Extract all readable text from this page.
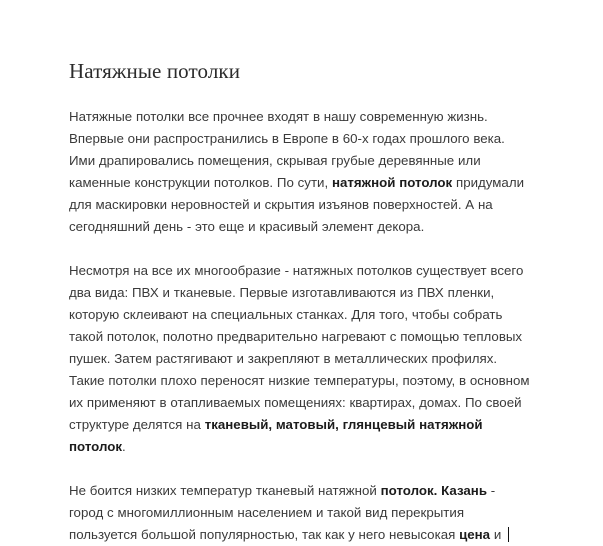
Натяжные потолки

Натяжные потолки все прочнее входят в нашу современную жизнь. Впервые они распространились в Европе в 60-х годах прошлого века. Ими драпировались помещения, скрывая грубые деревянные или каменные конструкции потолков. По сути, натяжной потолок придумали для маскировки неровностей и скрытия изъянов поверхностей. А на сегодняшний день - это еще и красивый элемент декора.

Несмотря на все их многообразие - натяжных потолков существует всего два вида: ПВХ и тканевые. Первые изготавливаются из ПВХ пленки, которую склеивают на специальных станках. Для того, чтобы собрать такой потолок, полотно предварительно нагревают с помощью тепловых пушек. Затем растягивают и закрепляют в металлических профилях. Такие потолки плохо переносят низкие температуры, поэтому, в основном их применяют в отапливаемых помещениях: квартирах, домах. По своей структуре делятся на тканевый, матовый, глянцевый натяжной потолок.

Не боится низких температур тканевый натяжной потолок. Казань - город с многомиллионным населением и такой вид перекрытия пользуется большой популярностью, так как у него невысокая цена и
